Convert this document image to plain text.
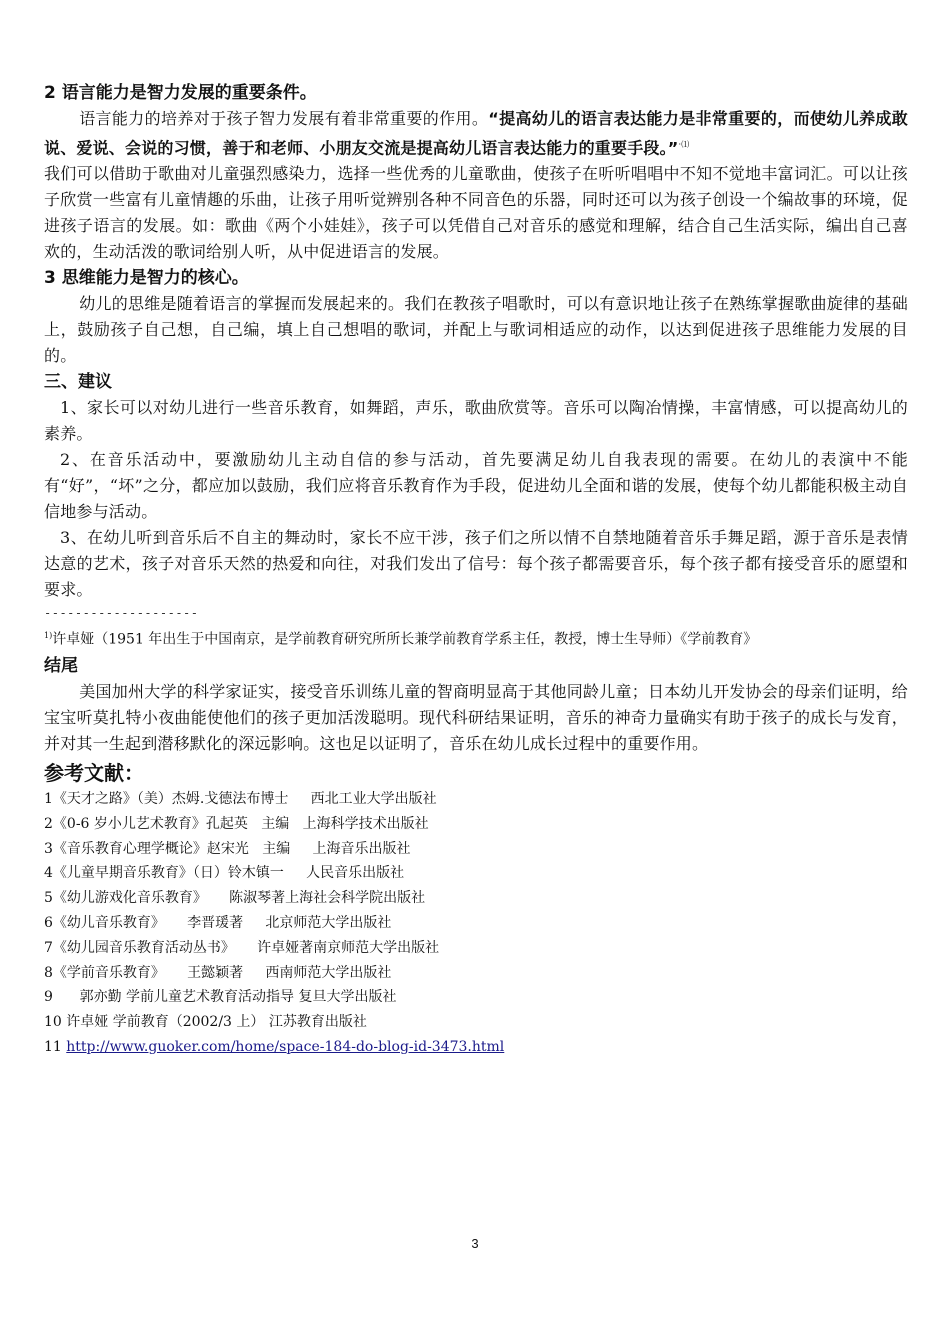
2 语言能力是智力发展的重要条件。

语言能力的培养对于孩子智力发展有着非常重要的作用。“提高幼儿的语言表达能力是非常重要的，而使幼儿养成敢说、爱说、会说的习惯，善于和老师、小朋友交流是提高幼儿语言表达能力的重要手段。”·⑴

我们可以借助于歌曲对儿童强烈感染力，选择一些优秀的儿童歌曲，使孩子在听听唱唱中不知不觉地丰富词汇。可以让孩子欣赏一些富有儿童情趣的乐曲，让孩子用听觉辨别各种不同音色的乐器，同时还可以为孩子创设一个编故事的环境，促进孩子语言的发展。如：歌曲《两个小娃娃》，孩子可以凭借自己对音乐的感觉和理解，结合自己生活实际，编出自己喜欢的，生动活泼的歌词给别人听，从中促进语言的发展。

3 思维能力是智力的核心。

幼儿的思维是随着语言的掌握而发展起来的。我们在教孩子唱歌时，可以有意识地让孩子在熟练掌握歌曲旋律的基础上，鼓励孩子自己想，自己编，填上自己想唱的歌词，并配上与歌词相适应的动作，以达到促进孩子思维能力发展的目的。

三、建议

1、家长可以对幼儿进行一些音乐教育，如舞蹈，声乐，歌曲欣赏等。音乐可以陶冶情操，丰富情感，可以提高幼儿的素养。

2、在音乐活动中，要激励幼儿主动自信的参与活动，首先要满足幼儿自我表现的需要。在幼儿的表演中不能有“好”，“坏”之分，都应加以鼓励，我们应将音乐教育作为手段，促进幼儿全面和谐的发展，使每个幼儿都能积极主动自信地参与活动。

3、在幼儿听到音乐后不自主的舞动时，家长不应干涉，孩子们之所以情不自禁地随着音乐手舞足蹈，源于音乐是表情达意的艺术，孩子对音乐天然的热爱和向往，对我们发出了信号：每个孩子都需要音乐，每个孩子都有接受音乐的愿望和要求。

--------------------

$^{1)}$许卓娅（1951 年出生于中国南京，是学前教育研究所所长兼学前教育学系主任，教授，博士生导师）《学前教育》

结尾

美国加州大学的科学家证实，接受音乐训练儿童的智商明显高于其他同龄儿童；日本幼儿开发协会的母亲们证明，给宝宝听莫扎特小夜曲能使他们的孩子更加活泼聪明。现代科研结果证明，音乐的神奇力量确实有助于孩子的成长与发育，并对其一生起到潜移默化的深远影响。这也足以证明了，音乐在幼儿成长过程中的重要作用。

参考文献：

1《天才之路》（美）杰姆.戈德法布博士     西北工业大学出版社

2《0-6 岁小儿艺术教育》孔起英   主编   上海科学技术出版社

3《音乐教育心理学概论》赵宋光   主编     上海音乐出版社

4《儿童早期音乐教育》（日）铃木镇一     人民音乐出版社

5《幼儿游戏化音乐教育》     陈淑琴著上海社会科学院出版社

6《幼儿音乐教育》     李晋瑗著     北京师范大学出版社

7《幼儿园音乐教育活动丛书》     许卓娅著南京师范大学出版社

8《学前音乐教育》     王懿颖著     西南师范大学出版社

9      郭亦勤 学前儿童艺术教育活动指导 复旦大学出版社

10 许卓娅 学前教育（2002/3 上） 江苏教育出版社

11 http://www.guoker.com/home/space-184-do-blog-id-3473.html

3
